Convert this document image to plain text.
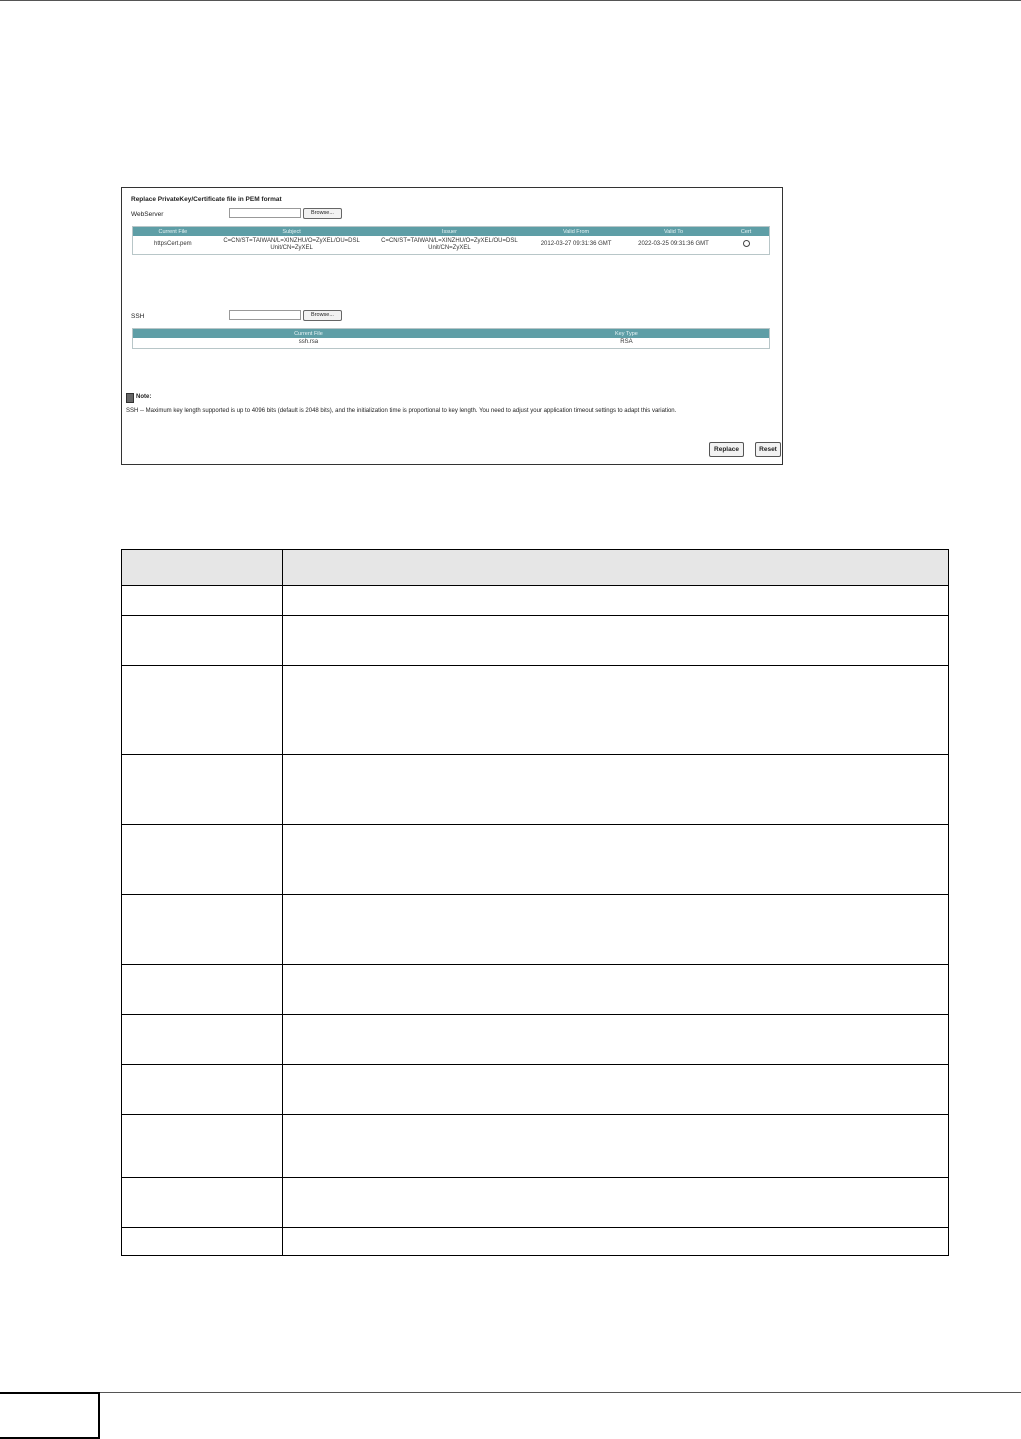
Replace PrivateKey/Certificate file in PEM format
WebServer	Browse...
Current File	Subject	Issuer	Valid From	Valid To	Cert
httpsCert.pem	C=CN/ST=TAIWAN/L=XINZHU/O=ZyXEL/OU=DSL Unit/CN=ZyXEL	C=CN/ST=TAIWAN/L=XINZHU/O=ZyXEL/OU=DSL Unit/CN=ZyXEL	2012-03-27 09:31:36 GMT	2022-03-25 09:31:36 GMT	
SSH	Browse...
Current File	Key Type
ssh.rsa	RSA
Note:
SSH -- Maximum key length supported is up to 4096 bits (default is 2048 bits), and the initialization time is proportional to key length. You need to adjust your application timeout settings to adapt this variation.
Replace	Reset
